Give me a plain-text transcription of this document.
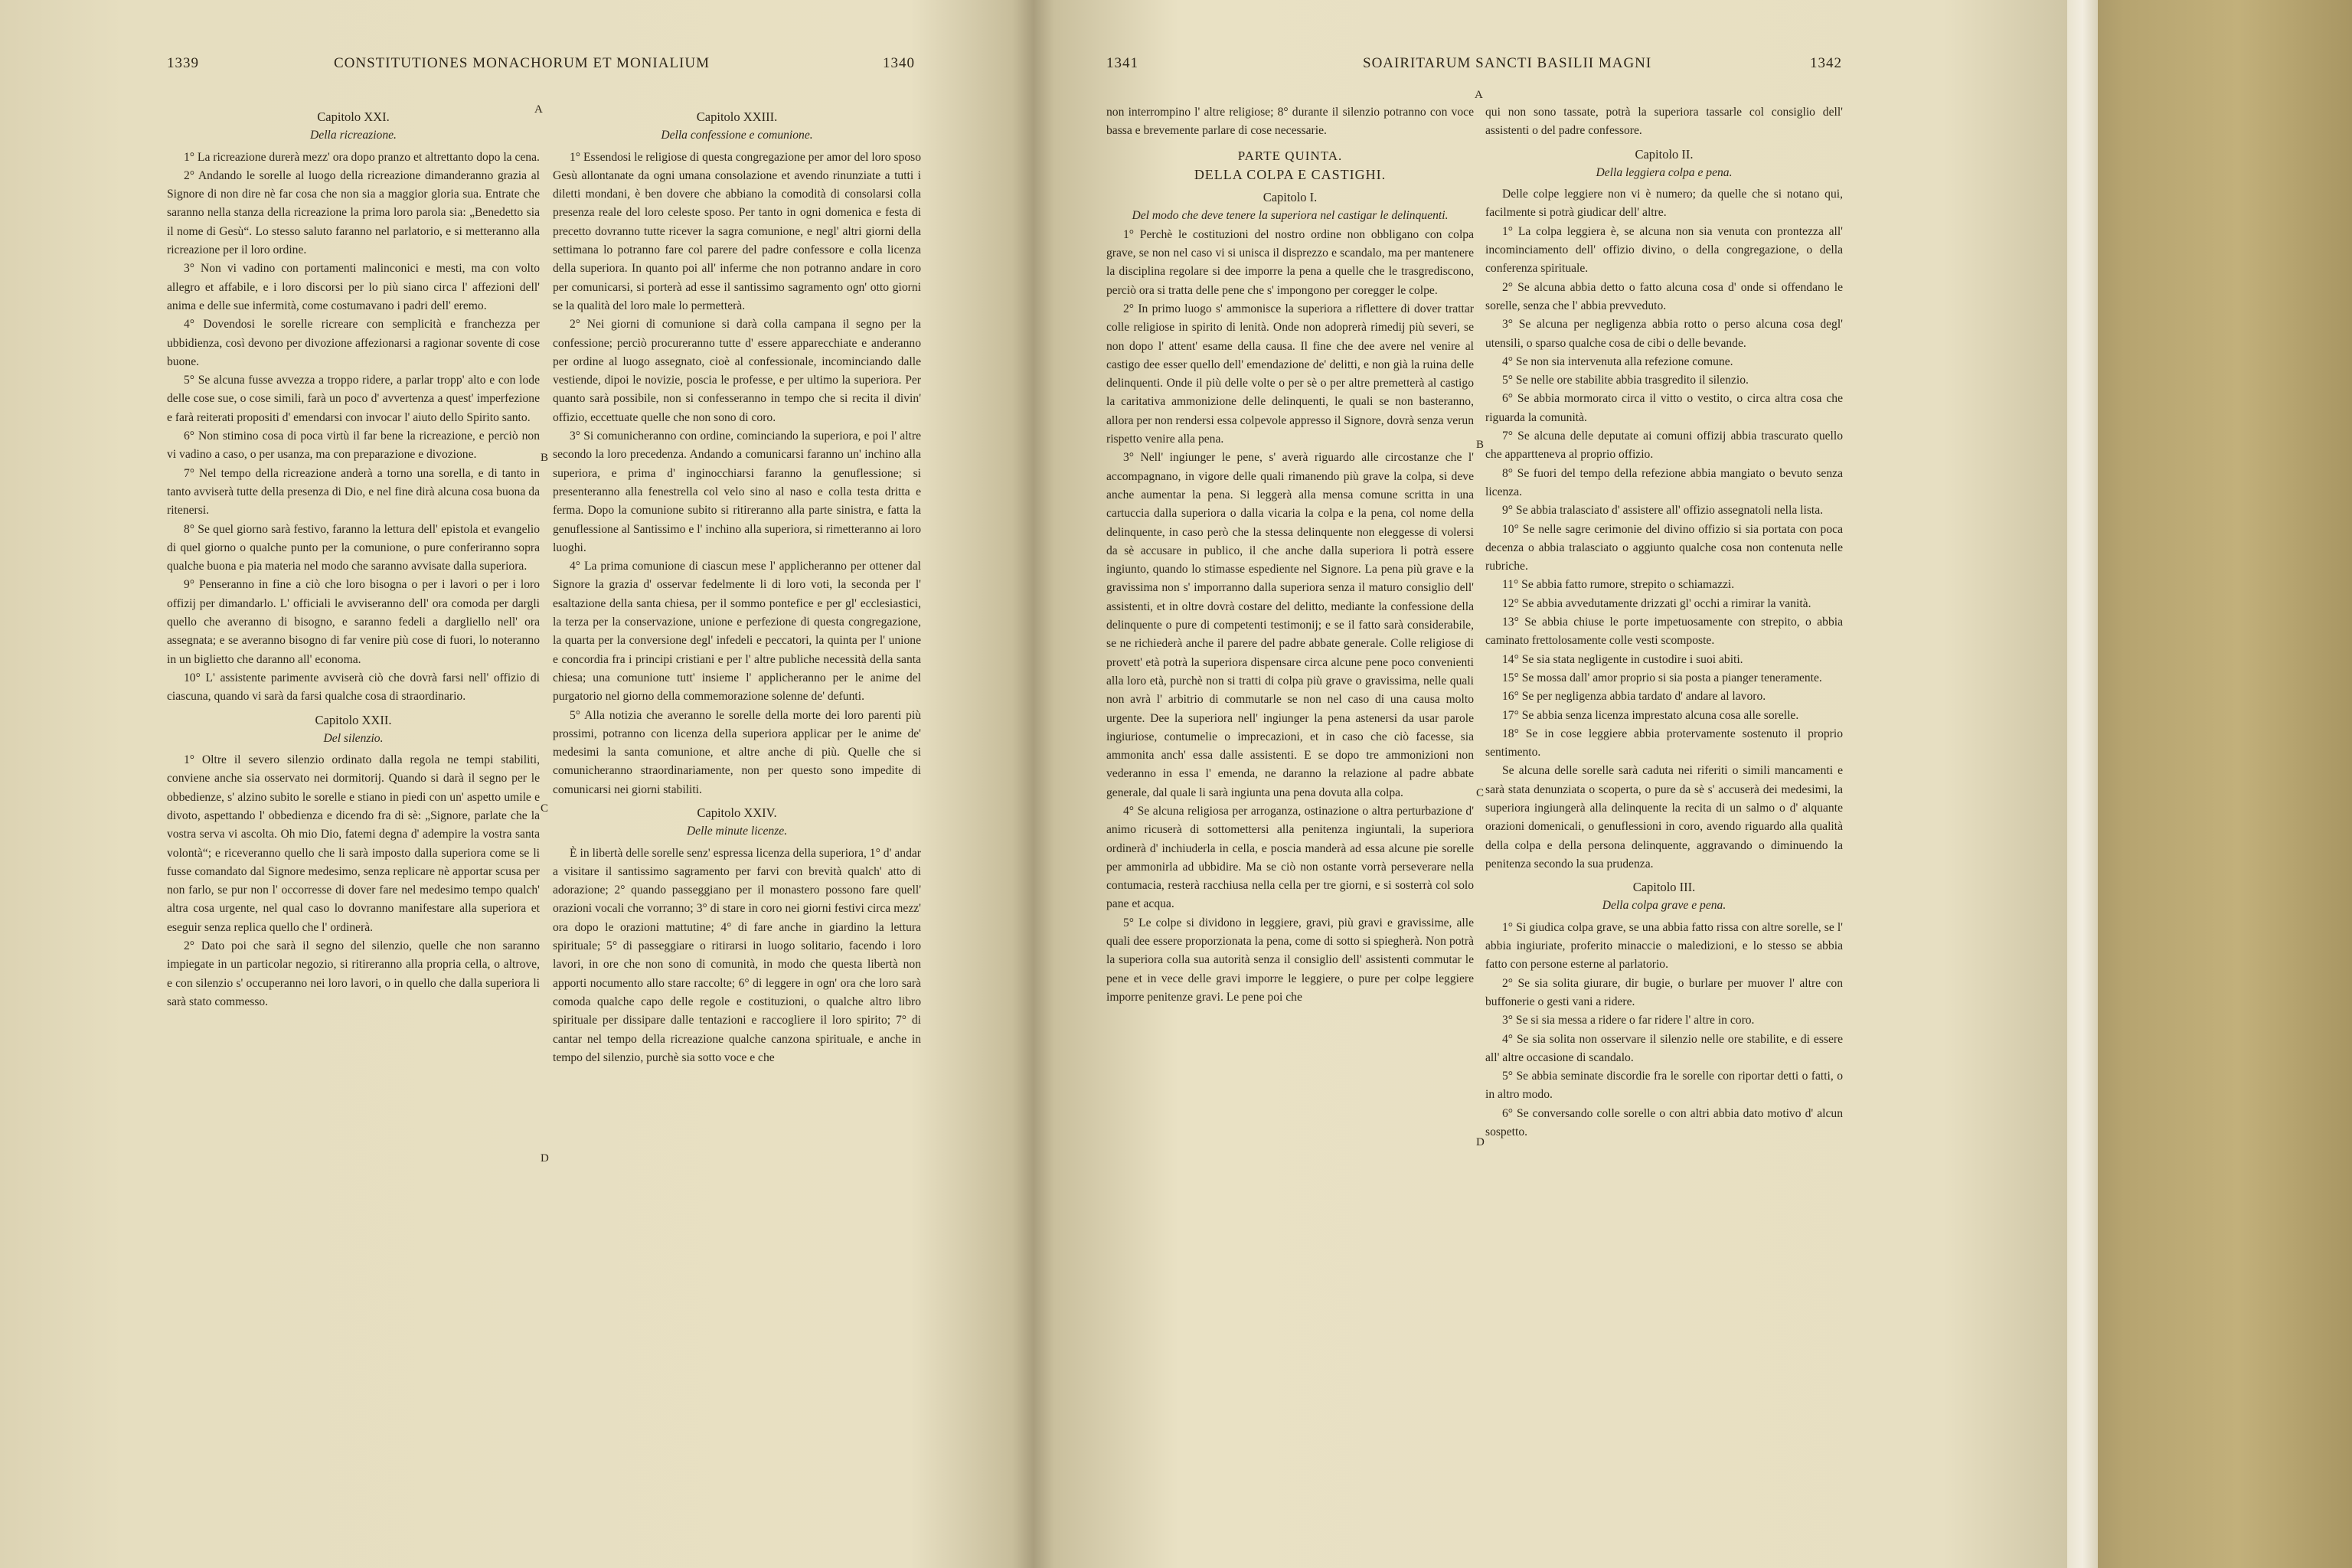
1339	CONSTITUTIONES MONACHORUM ET MONIALIUM	1340

Capitolo XXI.

Della ricreazione.

1° La ricreazione durerà mezz' ora dopo pranzo et altrettanto dopo la cena.

2° Andando le sorelle al luogo della ricreazione dimanderanno grazia al Signore di non dire nè far cosa che non sia a maggior gloria sua. Entrate che saranno nella stanza della ricreazione la prima loro parola sia: „Benedetto sia il nome di Gesù“. Lo stesso saluto faranno nel parlatorio, e si metteranno alla ricreazione per il loro ordine.

3° Non vi vadino con portamenti malinconici e mesti, ma con volto allegro et affabile, e i loro discorsi per lo più siano circa l' affezioni dell' anima e delle sue infermità, come costumavano i padri dell' eremo.

4° Dovendosi le sorelle ricreare con semplicità e franchezza per ubbidienza, così devono per divozione affezionarsi a ragionar sovente di cose buone.

5° Se alcuna fusse avvezza a troppo ridere, a parlar tropp' alto e con lode delle cose sue, o cose simili, farà un poco d' avvertenza a quest' imperfezione e farà reiterati propositi d' emendarsi con invocar l' aiuto dello Spirito santo.

6° Non stimino cosa di poca virtù il far bene la ricreazione, e perciò non vi vadino a caso, o per usanza, ma con preparazione e divozione.

7° Nel tempo della ricreazione anderà a torno una sorella, e di tanto in tanto avviserà tutte della presenza di Dio, e nel fine dirà alcuna cosa buona da ritenersi.

8° Se quel giorno sarà festivo, faranno la lettura dell' epistola et evangelio di quel giorno o qualche punto per la comunione, o pure conferiranno sopra qualche buona e pia materia nel modo che saranno avvisate dalla superiora.

9° Penseranno in fine a ciò che loro bisogna o per i lavori o per i loro offizij per dimandarlo. L' officiali le avviseranno dell' ora comoda per dargli quello che averanno di bisogno, e saranno fedeli a dargliello nell' ora assegnata; e se averanno bisogno di far venire più cose di fuori, lo noteranno in un biglietto che daranno all' economa.

10° L' assistente parimente avviserà ciò che dovrà farsi nell' offizio di ciascuna, quando vi sarà da farsi qualche cosa di straordinario.

Capitolo XXII.

Del silenzio.

1° Oltre il severo silenzio ordinato dalla regola ne tempi stabiliti, conviene anche sia osservato nei dormitorij. Quando si darà il segno per le obbedienze, s' alzino subito le sorelle e stiano in piedi con un' aspetto umile e divoto, aspettando l' obbedienza e dicendo fra di sè: „Signore, parlate che la vostra serva vi ascolta. Oh mio Dio, fatemi degna d' adempire la vostra santa volontà“; e riceveranno quello che li sarà imposto dalla superiora come se li fusse comandato dal Signore medesimo, senza replicare nè apportar scusa per non farlo, se pur non l' occorresse di dover fare nel medesimo tempo qualch' altra cosa urgente, nel qual caso lo dovranno manifestare alla superiora et eseguir senza replica quello che l' ordinerà.

2° Dato poi che sarà il segno del silenzio, quelle che non saranno impiegate in un particolar negozio, si ritireranno alla propria cella, o altrove, e con silenzio s' occuperanno nei loro lavori, o in quello che dalla superiora li sarà stato commesso.

Capitolo XXIII.

Della confessione e comunione.

1° Essendosi le religiose di questa congregazione per amor del loro sposo Gesù allontanate da ogni umana consolazione et avendo rinunziate a tutti i diletti mondani, è ben dovere che abbiano la comodità di consolarsi colla presenza reale del loro celeste sposo. Per tanto in ogni domenica e festa di precetto dovranno tutte ricever la sagra comunione, e negl' altri giorni della settimana lo potranno fare col parere del padre confessore e colla licenza della superiora. In quanto poi all' inferme che non potranno andare in coro per comunicarsi, si porterà ad esse il santissimo sagramento ogn' otto giorni se la qualità del loro male lo permetterà.

2° Nei giorni di comunione si darà colla campana il segno per la confessione; perciò procureranno tutte d' essere apparecchiate e anderanno per ordine al luogo assegnato, cioè al confessionale, incominciando dalle vestiende, dipoi le novizie, poscia le professe, e per ultimo la superiora. Per quanto sarà possibile, non si confesseranno in tempo che si recita il divin' offizio, eccettuate quelle che non sono di coro.

3° Si comunicheranno con ordine, cominciando la superiora, e poi l' altre secondo la loro precedenza. Andando a comunicarsi faranno un' inchino alla superiora, e prima d' inginocchiarsi faranno la genuflessione; si presenteranno alla fenestrella col velo sino al naso e colla testa dritta e ferma. Dopo la comunione subito si ritireranno alla parte sinistra, e fatta la genuflessione al Santissimo e l' inchino alla superiora, si rimetteranno ai loro luoghi.

4° La prima comunione di ciascun mese l' applicheranno per ottener dal Signore la grazia d' osservar fedelmente li di loro voti, la seconda per l' esaltazione della santa chiesa, per il sommo pontefice e per gl' ecclesiastici, la terza per la conservazione, unione e perfezione di questa congregazione, la quarta per la conversione degl' infedeli e peccatori, la quinta per l' unione e concordia fra i principi cristiani e per l' altre publiche necessità della santa chiesa; una comunione tutt' insieme l' applicheranno per le anime del purgatorio nel giorno della commemorazione solenne de' defunti.

5° Alla notizia che averanno le sorelle della morte dei loro parenti più prossimi, potranno con licenza della superiora applicar per le anime de' medesimi la santa comunione, et altre anche di più. Quelle che si comunicheranno straordinariamente, non per questo sono impedite di comunicarsi nei giorni stabiliti.

Capitolo XXIV.

Delle minute licenze.

È in libertà delle sorelle senz' espressa licenza della superiora, 1° d' andar a visitare il santissimo sagramento per farvi con brevità qualch' atto di adorazione; 2° quando passeggiano per il monastero possono fare quell' orazioni vocali che vorranno; 3° di stare in coro nei giorni festivi circa mezz' ora dopo le orazioni mattutine; 4° di fare anche in giardino la lettura spirituale; 5° di passeggiare o ritirarsi in luogo solitario, facendo i loro lavori, in ore che non sono di comunità, in modo che questa libertà non apporti nocumento allo stare raccolte; 6° di leggere in ogn' ora che loro sarà comoda qualche capo delle regole e costituzioni, o qualche altro libro spirituale per dissipare dalle tentazioni e raccogliere il loro spirito; 7° di cantar nel tempo della ricreazione qualche canzona spirituale, e anche in tempo del silenzio, purchè sia sotto voce e che

A
B
C
D
1341	SOAIRITARUM SANCTI BASILII MAGNI	1342

non interrompino l' altre religiose; 8° durante il silenzio potranno con voce bassa e brevemente parlare di cose necessarie.

PARTE QUINTA.

DELLA COLPA E CASTIGHI.

Capitolo I.

Del modo che deve tenere la superiora nel castigar le delinquenti.

1° Perchè le costituzioni del nostro ordine non obbligano con colpa grave, se non nel caso vi si unisca il disprezzo e scandalo, ma per mantenere la disciplina regolare si dee imporre la pena a quelle che le trasgrediscono, perciò ora si tratta delle pene che s' impongono per coregger le colpe.

2° In primo luogo s' ammonisce la superiora a riflettere di dover trattar colle religiose in spirito di lenità. Onde non adoprerà rimedij più severi, se non dopo l' attent' esame della causa. Il fine che dee avere nel venire al castigo dee esser quello dell' emendazione de' delitti, e non già la ruina delle delinquenti. Onde il più delle volte o per sè o per altre premetterà al castigo la caritativa ammonizione delle delinquenti, le quali se non basteranno, allora per non rendersi essa colpevole appresso il Signore, dovrà senza verun rispetto venire alla pena.

3° Nell' ingiunger le pene, s' averà riguardo alle circostanze che l' accompagnano, in vigore delle quali rimanendo più grave la colpa, si deve anche aumentar la pena. Si leggerà alla mensa comune scritta in una cartuccia dalla superiora o dalla vicaria la colpa e la pena, col nome della delinquente, in caso però che la stessa delinquente non eleggesse di volersi da sè accusare in publico, il che anche dalla superiora li potrà essere ingiunto, quando lo stimasse espediente nel Signore. La pena più grave e la gravissima non s' imporranno dalla superiora senza il maturo consiglio dell' assistenti, et in oltre dovrà costare del delitto, mediante la confessione della delinquente o pure di competenti testimonij; e se il fatto sarà considerabile, se ne richiederà anche il parere del padre abbate generale. Colle religiose di provett' età potrà la superiora dispensare circa alcune pene poco convenienti alla loro età, purchè non si tratti di colpa più grave o gravissima, nelle quali non avrà l' arbitrio di commutarle se non nel caso di una causa molto urgente. Dee la superiora nell' ingiunger la pena astenersi da usar parole ingiuriose, contumelie o imprecazioni, et in caso che ciò facesse, sia ammonita anch' essa dalle assistenti. E se dopo tre ammonizioni non vederanno in essa l' emenda, ne daranno la relazione al padre abbate generale, dal quale li sarà ingiunta una pena dovuta alla colpa.

4° Se alcuna religiosa per arroganza, ostinazione o altra perturbazione d' animo ricuserà di sottomettersi alla penitenza ingiuntali, la superiora ordinerà d' inchiuderla in cella, e poscia manderà ad essa alcune pie sorelle per ammonirla ad ubbidire. Ma se ciò non ostante vorrà perseverare nella contumacia, resterà racchiusa nella cella per tre giorni, e si sosterrà col solo pane et acqua.

5° Le colpe si dividono in leggiere, gravi, più gravi e gravissime, alle quali dee essere proporzionata la pena, come di sotto si spiegherà. Non potrà la superiora colla sua autorità senza il consiglio dell' assistenti commutar le pene et in vece delle gravi imporre le leggiere, o pure per colpe leggiere imporre penitenze gravi. Le pene poi che

qui non sono tassate, potrà la superiora tassarle col consiglio dell' assistenti o del padre confessore.

Capitolo II.

Della leggiera colpa e pena.

Delle colpe leggiere non vi è numero; da quelle che si notano qui, facilmente si potrà giudicar dell' altre.

1° La colpa leggiera è, se alcuna non sia venuta con prontezza all' incominciamento dell' offizio divino, o della congregazione, o della conferenza spirituale.

2° Se alcuna abbia detto o fatto alcuna cosa d' onde si offendano le sorelle, senza che l' abbia prevveduto.

3° Se alcuna per negligenza abbia rotto o perso alcuna cosa degl' utensili, o sparso qualche cosa de cibi o delle bevande.

4° Se non sia intervenuta alla refezione comune.

5° Se nelle ore stabilite abbia trasgredito il silenzio.

6° Se abbia mormorato circa il vitto o vestito, o circa altra cosa che riguarda la comunità.

7° Se alcuna delle deputate ai comuni offizij abbia trascurato quello che appartteneva al proprio offizio.

8° Se fuori del tempo della refezione abbia mangiato o bevuto senza licenza.

9° Se abbia tralasciato d' assistere all' offizio assegnatoli nella lista.

10° Se nelle sagre cerimonie del divino offizio si sia portata con poca decenza o abbia tralasciato o aggiunto qualche cosa non contenuta nelle rubriche.

11° Se abbia fatto rumore, strepito o schiamazzi.

12° Se abbia avvedutamente drizzati gl' occhi a rimirar la vanità.

13° Se abbia chiuse le porte impetuosamente con strepito, o abbia caminato frettolosamente colle vesti scomposte.

14° Se sia stata negligente in custodire i suoi abiti.

15° Se mossa dall' amor proprio si sia posta a pianger teneramente.

16° Se per negligenza abbia tardato d' andare al lavoro.

17° Se abbia senza licenza imprestato alcuna cosa alle sorelle.

18° Se in cose leggiere abbia protervamente sostenuto il proprio sentimento.

Se alcuna delle sorelle sarà caduta nei riferiti o simili mancamenti e sarà stata denunziata o scoperta, o pure da sè s' accuserà dei medesimi, la superiora ingiungerà alla delinquente la recita di un salmo o d' alquante orazioni domenicali, o genuflessioni in coro, avendo riguardo alla qualità della colpa e della persona delinquente, aggravando o diminuendo la penitenza secondo la sua prudenza.

Capitolo III.

Della colpa grave e pena.

1° Si giudica colpa grave, se una abbia fatto rissa con altre sorelle, se l' abbia ingiuriate, proferito minaccie o maledizioni, e lo stesso se abbia fatto con persone esterne al parlatorio.

2° Se sia solita giurare, dir bugie, o burlare per muover l' altre con buffonerie o gesti vani a ridere.

3° Se si sia messa a ridere o far ridere l' altre in coro.

4° Se sia solita non osservare il silenzio nelle ore stabilite, e di essere all' altre occasione di scandalo.

5° Se abbia seminate discordie fra le sorelle con riportar detti o fatti, o in altro modo.

6° Se conversando colle sorelle o con altri abbia dato motivo d' alcun sospetto.

A
B
C
D
